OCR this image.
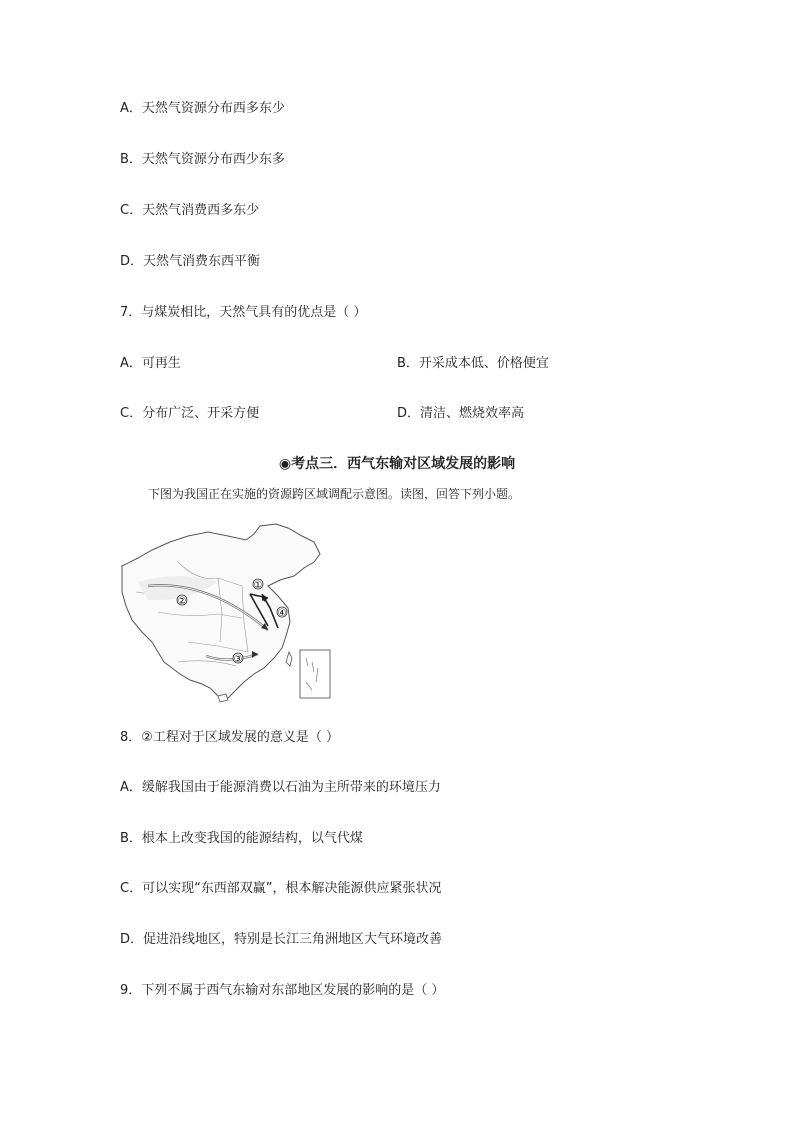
A．天然气资源分布西多东少
B．天然气资源分布西少东多
C．天然气消费西多东少
D．天然气消费东西平衡
7．与煤炭相比，天然气具有的优点是（ ）
A．可再生	B．开采成本低、价格便宜
C．分布广泛、开采方便	D．清洁、燃烧效率高
◉考点三．西气东输对区域发展的影响
下图为我国正在实施的资源跨区域调配示意图。读图，回答下列小题。
①
②
③
④
8．②工程对于区域发展的意义是（ ）
A．缓解我国由于能源消费以石油为主所带来的环境压力
B．根本上改变我国的能源结构，以气代煤
C．可以实现“东西部双赢”，根本解决能源供应紧张状况
D．促进沿线地区，特别是长江三角洲地区大气环境改善
9．下列不属于西气东输对东部地区发展的影响的是（ ）
